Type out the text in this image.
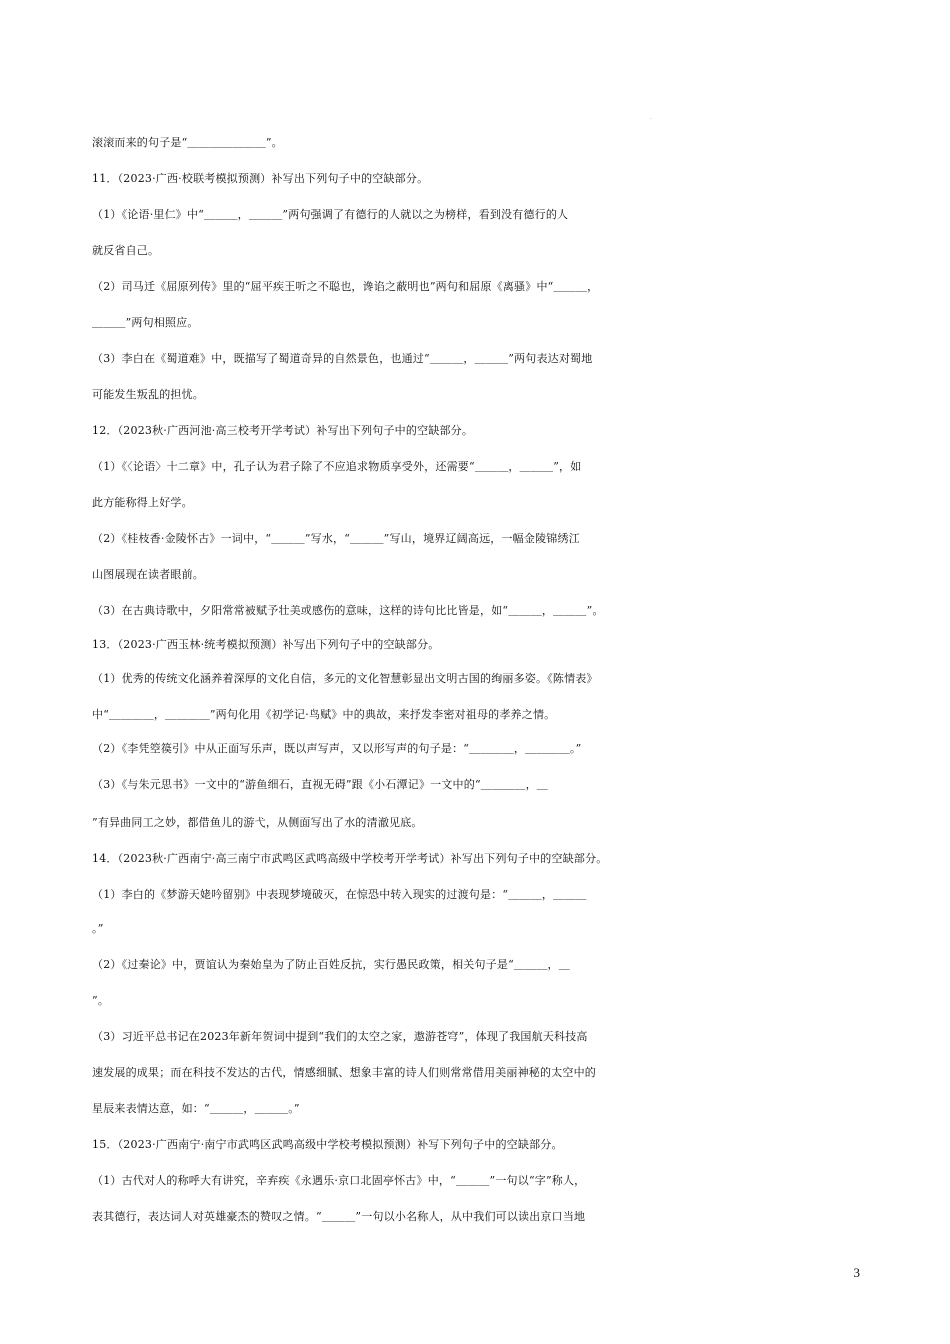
·
滚滚而来的句子是“＿＿＿＿＿＿＿”。
11．（2023·广西·校联考模拟预测）补写出下列句子中的空缺部分。
（1）《论语·里仁》中“＿＿＿，＿＿＿”两句强调了有德行的人就以之为榜样，看到没有德行的人
就反省自己。
（2）司马迁《屈原列传》里的“屈平疾王听之不聪也，谗谄之蔽明也”两句和屈原《离骚》中“＿＿＿，
＿＿＿”两句相照应。
（3）李白在《蜀道难》中，既描写了蜀道奇异的自然景色，也通过“＿＿＿，＿＿＿”两句表达对蜀地
可能发生叛乱的担忧。
12．（2023秋·广西河池·高三校考开学考试）补写出下列句子中的空缺部分。
（1）《〈论语〉十二章》中，孔子认为君子除了不应追求物质享受外，还需要“＿＿＿，＿＿＿”，如
此方能称得上好学。
（2）《桂枝香·金陵怀古》一词中，“＿＿＿”写水，“＿＿＿”写山，境界辽阔高远，一幅金陵锦绣江
山图展现在读者眼前。
（3）在古典诗歌中，夕阳常常被赋予壮美或感伤的意味，这样的诗句比比皆是，如“＿＿＿，＿＿＿”。
13．（2023·广西玉林·统考模拟预测）补写出下列句子中的空缺部分。
（1）优秀的传统文化涵养着深厚的文化自信，多元的文化智慧彰显出文明古国的绚丽多姿。《陈情表》
中“＿＿＿＿，＿＿＿＿”两句化用《初学记·鸟赋》中的典故，来抒发李密对祖母的孝养之情。
（2）《李凭箜篌引》中从正面写乐声，既以声写声，又以形写声的句子是：“＿＿＿＿，＿＿＿＿。”
（3）《与朱元思书》一文中的“游鱼细石，直视无碍”跟《小石潭记》一文中的“＿＿＿＿，＿
”有异曲同工之妙，都借鱼儿的游弋，从侧面写出了水的清澈见底。
14．（2023秋·广西南宁·高三南宁市武鸣区武鸣高级中学校考开学考试）补写出下列句子中的空缺部分。
（1）李白的《梦游天姥吟留别》中表现梦境破灭，在惊恐中转入现实的过渡句是：“＿＿＿，＿＿＿
。”
（2）《过秦论》中，贾谊认为秦始皇为了防止百姓反抗，实行愚民政策，相关句子是“＿＿＿，＿
”。
（3）习近平总书记在2023年新年贺词中提到“我们的太空之家，遨游苍穹”，体现了我国航天科技高
速发展的成果；而在科技不发达的古代，情感细腻、想象丰富的诗人们则常常借用美丽神秘的太空中的
星辰来表情达意，如：“＿＿＿，＿＿＿。”
15．（2023·广西南宁·南宁市武鸣区武鸣高级中学校考模拟预测）补写下列句子中的空缺部分。
（1）古代对人的称呼大有讲究，辛弃疾《永遇乐·京口北固亭怀古》中，“＿＿＿”一句以“字”称人，
表其德行，表达词人对英雄豪杰的赞叹之情。“＿＿＿”一句以小名称人，从中我们可以读出京口当地
3
